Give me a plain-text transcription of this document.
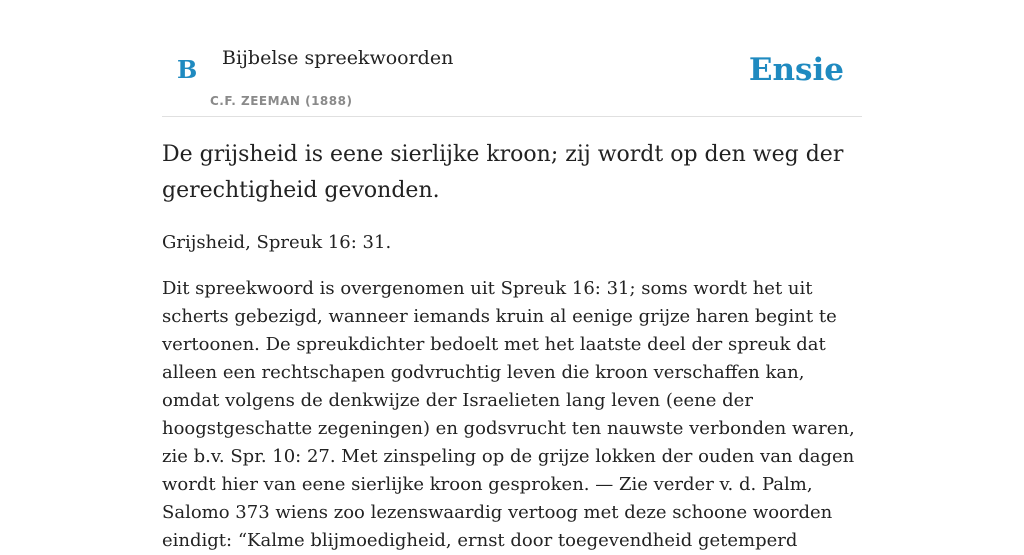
B Bijbelse spreekwoorden
C.F. ZEEMAN (1888)
Ensie
De grijsheid is eene sierlijke kroon; zij wordt op den weg der gerechtigheid gevonden.

Grijsheid, Spreuk 16: 31.

Dit spreekwoord is overgenomen uit Spreuk 16: 31; soms wordt het uit scherts gebezigd, wanneer iemands kruin al eenige grijze haren begint te vertoonen. De spreukdichter bedoelt met het laatste deel der spreuk dat alleen een rechtschapen godvruchtig leven die kroon verschaffen kan, omdat volgens de denkwijze der Israelieten lang leven (eene der hoogstgeschatte zegeningen) en godsvrucht ten nauwste verbonden waren, zie b.v. Spr. 10: 27. Met zinspeling op de grijze lokken der ouden van dagen wordt hier van eene sierlijke kroon gesproken. — Zie verder v. d. Palm, Salomo 373 wiens zoo lezenswaardig vertoog met deze schoone woorden eindigt: “Kalme blijmoedigheid, ernst door toegevendheid getemperd
